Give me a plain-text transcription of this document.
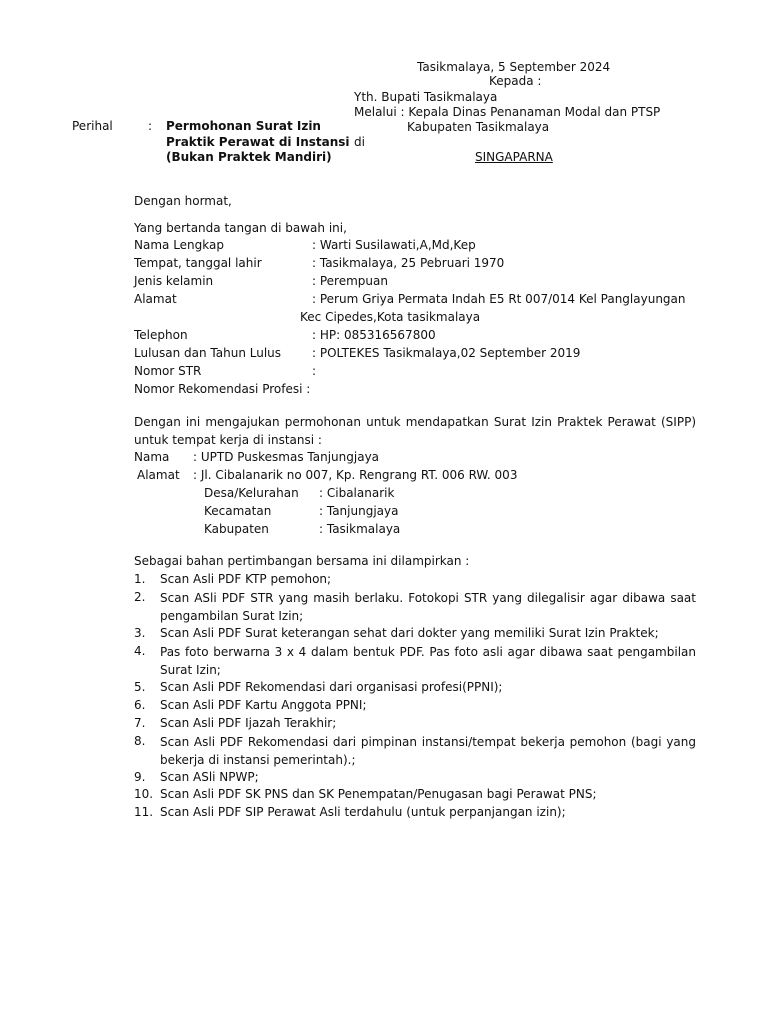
Tasikmalaya, 5 September 2024
Kepada :
Yth. Bupati Tasikmalaya
Melalui : Kepala Dinas Penanaman Modal dan PTSP
Kabupaten Tasikmalaya
di
SINGAPARNA
Perihal	: Permohonan Surat Izin
Praktik Perawat di Instansi
(Bukan Praktek Mandiri)
Dengan hormat,
Yang bertanda tangan di bawah ini,
Nama Lengkap	: Warti Susilawati,A,Md,Kep
Tempat, tanggal lahir	: Tasikmalaya, 25 Pebruari 1970
Jenis kelamin	: Perempuan
Alamat	: Perum Griya Permata Indah E5 Rt 007/014 Kel Panglayungan
Kec Cipedes,Kota tasikmalaya
Telephon	: HP: 085316567800
Lulusan dan Tahun Lulus	: POLTEKES Tasikmalaya,02 September 2019
Nomor STR	:
Nomor Rekomendasi Profesi :
Dengan ini mengajukan permohonan untuk mendapatkan Surat Izin Praktek Perawat (SIPP) untuk tempat kerja di instansi :
Nama : UPTD Puskesmas Tanjungjaya
Alamat : Jl. Cibalanarik no 007, Kp. Rengrang RT. 006 RW. 003
Desa/Kelurahan : Cibalanarik
Kecamatan	: Tanjungjaya
Kabupaten	: Tasikmalaya
Sebagai bahan pertimbangan bersama ini dilampirkan :
1. Scan Asli PDF KTP pemohon;
2. Scan ASli PDF STR yang masih berlaku. Fotokopi STR yang dilegalisir agar dibawa saat pengambilan Surat Izin;
3. Scan Asli PDF Surat keterangan sehat dari dokter yang memiliki Surat Izin Praktek;
4. Pas foto berwarna 3 x 4 dalam bentuk PDF. Pas foto asli agar dibawa saat pengambilan Surat Izin;
5. Scan Asli PDF Rekomendasi dari organisasi profesi(PPNI);
6. Scan Asli PDF Kartu Anggota PPNI;
7. Scan Asli PDF Ijazah Terakhir;
8. Scan Asli PDF Rekomendasi dari pimpinan instansi/tempat bekerja pemohon (bagi yang bekerja di instansi pemerintah).;
9. Scan ASli NPWP;
10. Scan Asli PDF SK PNS dan SK Penempatan/Penugasan bagi Perawat PNS;
11. Scan Asli PDF SIP Perawat Asli terdahulu (untuk perpanjangan izin);
